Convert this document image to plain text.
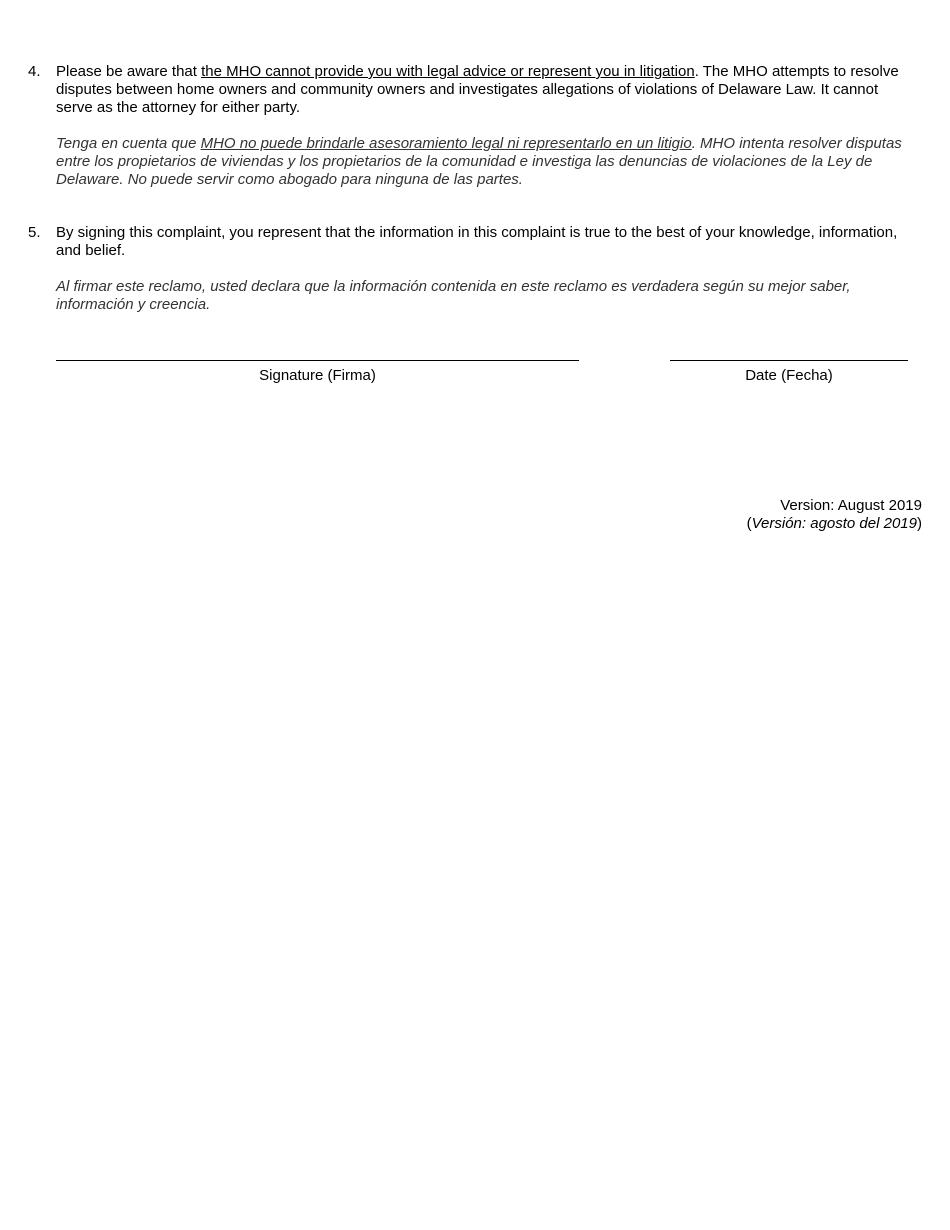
4.	Please be aware that the MHO cannot provide you with legal advice or represent you in litigation. The MHO attempts to resolve disputes between home owners and community owners and investigates allegations of violations of Delaware Law. It cannot serve as the attorney for either party.
Tenga en cuenta que MHO no puede brindarle asesoramiento legal ni representarlo en un litigio. MHO intenta resolver disputas entre los propietarios de viviendas y los propietarios de la comunidad e investiga las denuncias de violaciones de la Ley de Delaware. No puede servir como abogado para ninguna de las partes.
5.	By signing this complaint, you represent that the information in this complaint is true to the best of your knowledge, information, and belief.
Al firmar este reclamo, usted declara que la información contenida en este reclamo es verdadera según su mejor saber, información y creencia.
Signature (Firma)	Date (Fecha)
Version: August 2019
(Versión: agosto del 2019)
